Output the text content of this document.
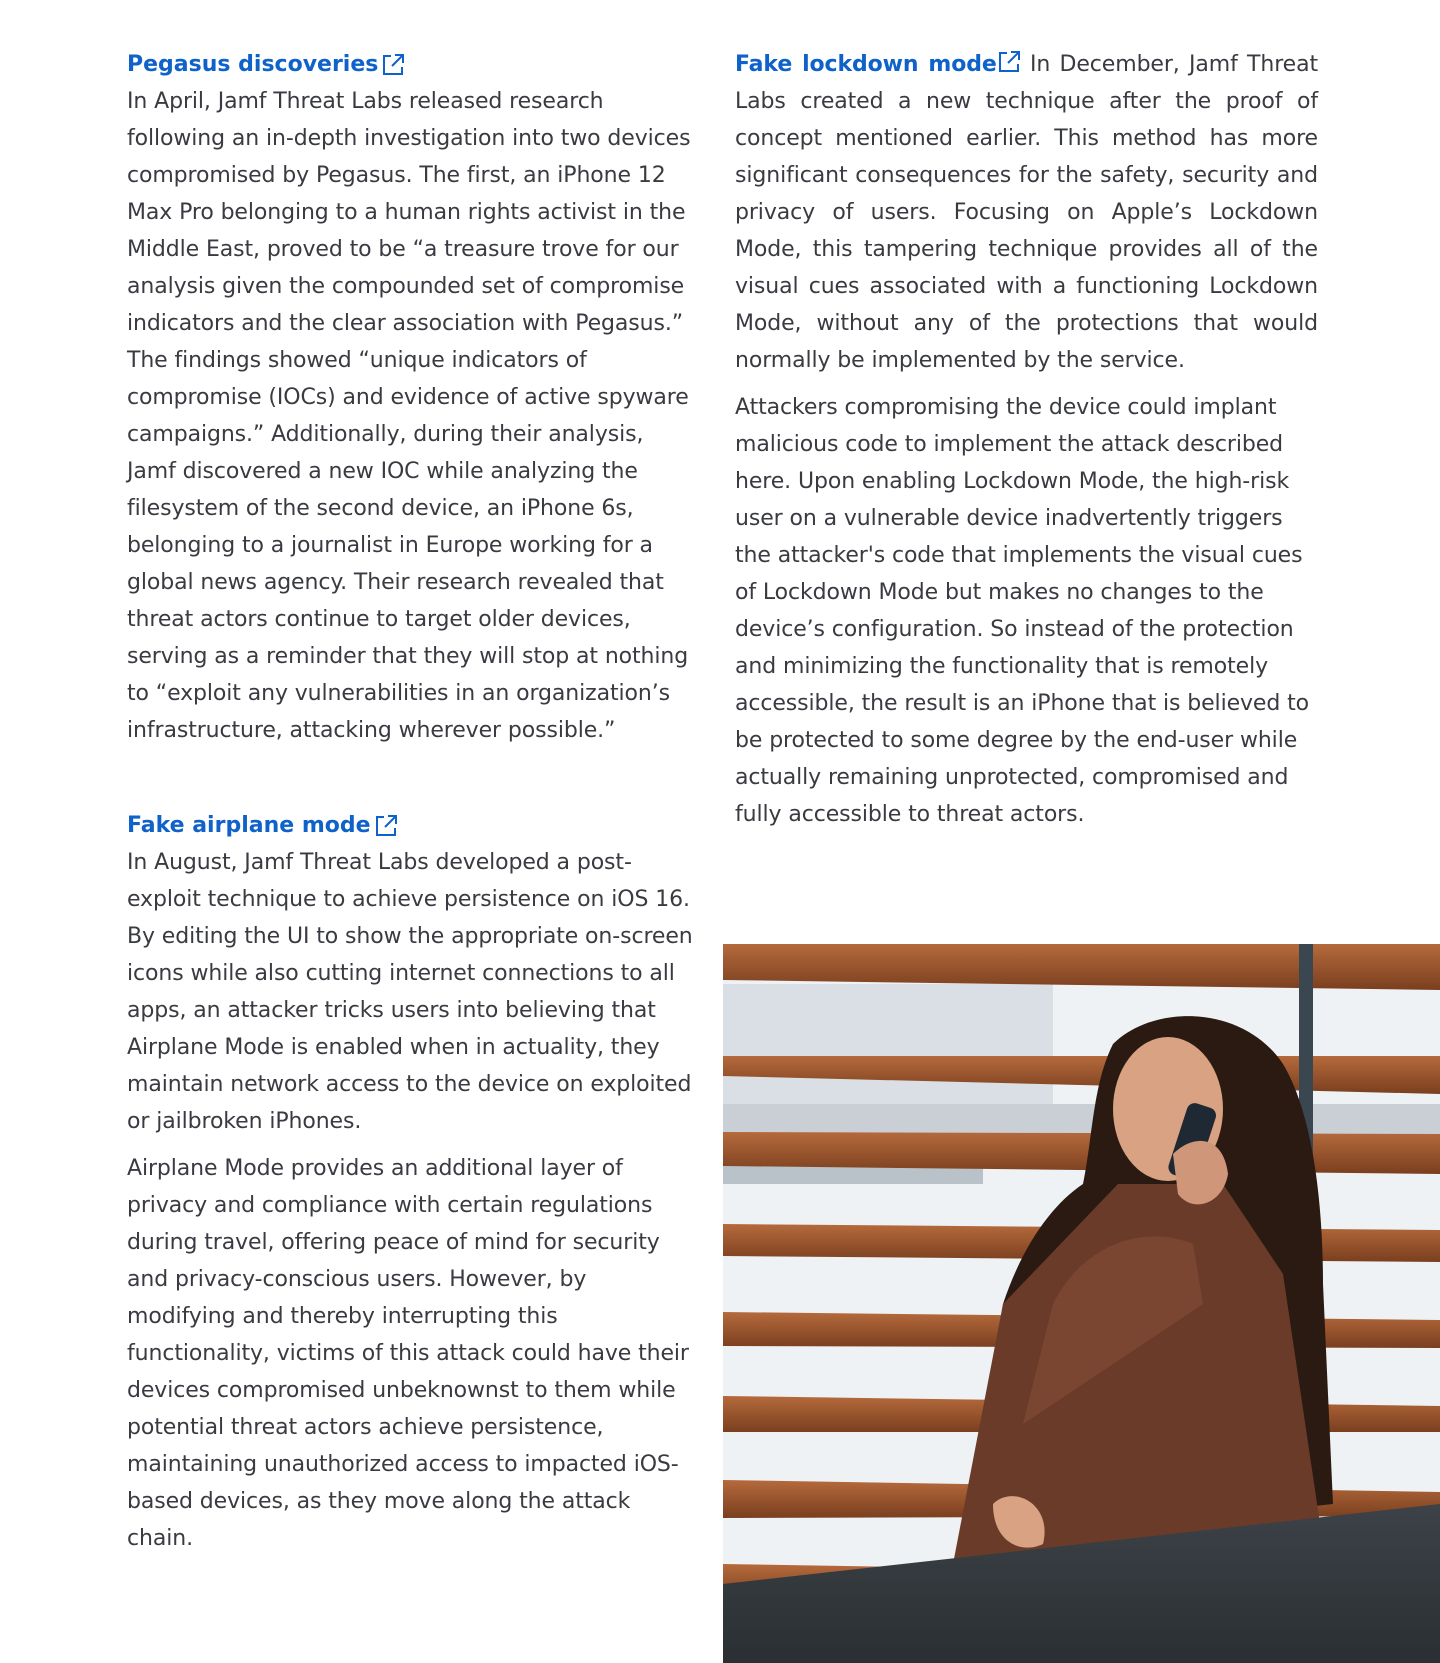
Pegasus discoveries

In April, Jamf Threat Labs released research following an in-depth investigation into two devices compromised by Pegasus. The first, an iPhone 12 Max Pro belonging to a human rights activist in the Middle East, proved to be “a treasure trove for our analysis given the compounded set of compromise indicators and the clear association with Pegasus.” The findings showed “unique indicators of compromise (IOCs) and evidence of active spyware campaigns.” Additionally, during their analysis, Jamf discovered a new IOC while analyzing the filesystem of the second device, an iPhone 6s, belonging to a journalist in Europe working for a global news agency. Their research revealed that threat actors continue to target older devices, serving as a reminder that they will stop at nothing to “exploit any vulnerabilities in an organization’s infrastructure, attacking wherever possible.”

Fake airplane mode

In August, Jamf Threat Labs developed a post-exploit technique to achieve persistence on iOS 16. By editing the UI to show the appropriate on-screen icons while also cutting internet connections to all apps, an attacker tricks users into believing that Airplane Mode is enabled when in actuality, they maintain network access to the device on exploited or jailbroken iPhones.

Airplane Mode provides an additional layer of privacy and compliance with certain regulations during travel, offering peace of mind for security and privacy-conscious users. However, by modifying and thereby interrupting this functionality, victims of this attack could have their devices compromised unbeknownst to them while potential threat actors achieve persistence, maintaining unauthorized access to impacted iOS-based devices, as they move along the attack chain.

Fake lockdown mode
In December, Jamf Threat Labs created a new technique after the proof of concept mentioned earlier. This method has more significant consequences for the safety, security and privacy of users. Focusing on Apple’s Lockdown Mode, this tampering technique provides all of the visual cues associated with a functioning Lockdown Mode, without any of the protections that would normally be implemented by the service.

Attackers compromising the device could implant malicious code to implement the attack described here. Upon enabling Lockdown Mode, the high-risk user on a vulnerable device inadvertently triggers the attacker's code that implements the visual cues of Lockdown Mode but makes no changes to the device’s configuration. So instead of the protection and minimizing the functionality that is remotely accessible, the result is an iPhone that is believed to be protected to some degree by the end-user while actually remaining unprotected, compromised and fully accessible to threat actors.
